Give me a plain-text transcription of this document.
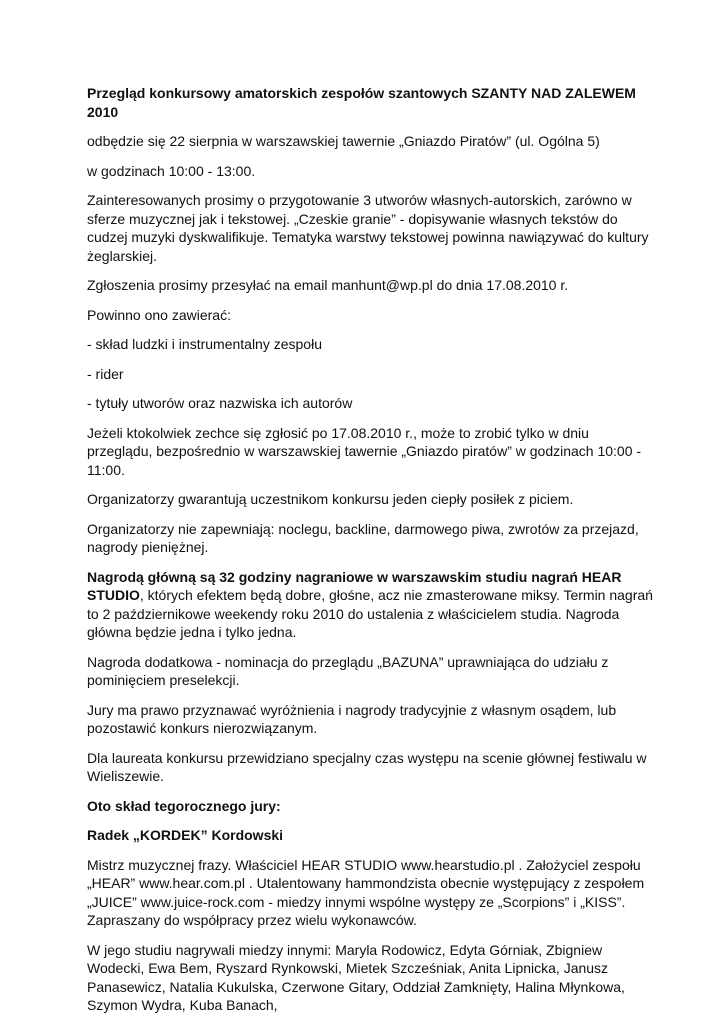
Przegląd konkursowy amatorskich zespołów szantowych SZANTY NAD ZALEWEM 2010

odbędzie się 22 sierpnia w warszawskiej tawernie „Gniazdo Piratów” (ul. Ogólna 5)

w godzinach 10:00 - 13:00.

Zainteresowanych prosimy o przygotowanie 3 utworów własnych-autorskich, zarówno w sferze muzycznej jak i tekstowej. „Czeskie granie” - dopisywanie własnych tekstów do cudzej muzyki dyskwalifikuje. Tematyka warstwy tekstowej powinna nawiązywać do kultury żeglarskiej.

Zgłoszenia prosimy przesyłać na email manhunt@wp.pl do dnia 17.08.2010 r.

Powinno ono zawierać:

- skład ludzki i instrumentalny zespołu

- rider

- tytuły utworów oraz nazwiska ich autorów

Jeżeli ktokolwiek zechce się zgłosić po 17.08.2010 r., może to zrobić tylko w dniu przeglądu, bezpośrednio w warszawskiej tawernie „Gniazdo piratów” w godzinach 10:00 - 11:00.

Organizatorzy gwarantują uczestnikom konkursu jeden ciepły posiłek z piciem.

Organizatorzy nie zapewniają: noclegu, backline, darmowego piwa, zwrotów za przejazd, nagrody pieniężnej.

Nagrodą główną są 32 godziny nagraniowe w warszawskim studiu nagrań HEAR STUDIO, których efektem będą dobre, głośne, acz nie zmasterowane miksy. Termin nagrań to 2 październikowe weekendy roku 2010 do ustalenia z właścicielem studia. Nagroda główna będzie jedna i tylko jedna.

Nagroda dodatkowa - nominacja do przeglądu „BAZUNA” uprawniająca do udziału z pominięciem preselekcji.

Jury ma prawo przyznawać wyróżnienia i nagrody tradycyjnie z własnym osądem, lub pozostawić konkurs nierozwiązanym.

Dla laureata konkursu przewidziano specjalny czas występu na scenie głównej festiwalu w Wieliszewie.

Oto skład tegorocznego jury:

Radek „KORDEK” Kordowski

Mistrz muzycznej frazy. Właściciel HEAR STUDIO www.hearstudio.pl . Założyciel zespołu „HEAR” www.hear.com.pl . Utalentowany hammondzista obecnie występujący z zespołem „JUICE” www.juice-rock.com - miedzy innymi wspólne występy ze „Scorpions” i „KISS”. Zapraszany do współpracy przez wielu wykonawców.

W jego studiu nagrywali miedzy innymi: Maryla Rodowicz, Edyta Górniak, Zbigniew Wodecki, Ewa Bem, Ryszard Rynkowski, Mietek Szcześniak, Anita Lipnicka, Janusz Panasewicz, Natalia Kukulska, Czerwone Gitary, Oddział Zamknięty, Halina Młynkowa, Szymon Wydra, Kuba Banach,
